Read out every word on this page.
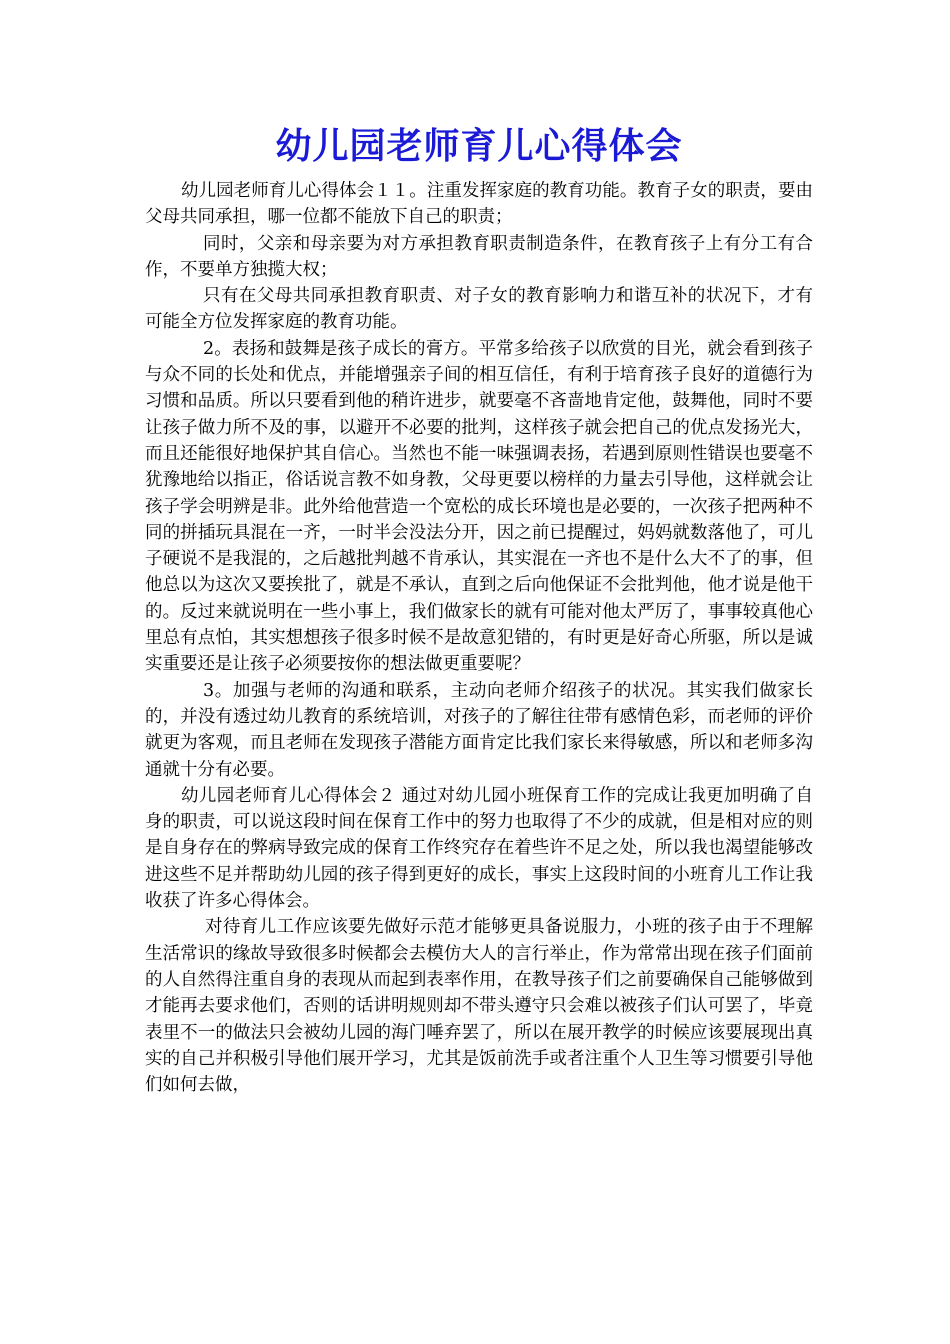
幼儿园老师育儿心得体会

幼儿园老师育儿心得体会１１。注重发挥家庭的教育功能。教育子女的职责，要由父母共同承担，哪一位都不能放下自己的职责；

同时，父亲和母亲要为对方承担教育职责制造条件，在教育孩子上有分工有合作，不要单方独揽大权；

只有在父母共同承担教育职责、对子女的教育影响力和谐互补的状况下，才有可能全方位发挥家庭的教育功能。

2。表扬和鼓舞是孩子成长的膏方。平常多给孩子以欣赏的目光，就会看到孩子与众不同的长处和优点，并能增强亲子间的相互信任，有利于培育孩子良好的道德行为习惯和品质。所以只要看到他的稍许进步，就要毫不吝啬地肯定他，鼓舞他，同时不要让孩子做力所不及的事，以避开不必要的批判，这样孩子就会把自己的优点发扬光大，而且还能很好地保护其自信心。当然也不能一味强调表扬，若遇到原则性错误也要毫不犹豫地给以指正，俗话说言教不如身教，父母更要以榜样的力量去引导他，这样就会让孩子学会明辨是非。此外给他营造一个宽松的成长环境也是必要的，一次孩子把两种不同的拼插玩具混在一齐，一时半会没法分开，因之前已提醒过，妈妈就数落他了，可儿子硬说不是我混的，之后越批判越不肯承认，其实混在一齐也不是什么大不了的事，但他总以为这次又要挨批了，就是不承认，直到之后向他保证不会批判他，他才说是他干的。反过来就说明在一些小事上，我们做家长的就有可能对他太严厉了，事事较真他心里总有点怕，其实想想孩子很多时候不是故意犯错的，有时更是好奇心所驱，所以是诚实重要还是让孩子必须要按你的想法做更重要呢？

3。加强与老师的沟通和联系，主动向老师介绍孩子的状况。其实我们做家长的，并没有透过幼儿教育的系统培训，对孩子的了解往往带有感情色彩，而老师的评价就更为客观，而且老师在发现孩子潜能方面肯定比我们家长来得敏感，所以和老师多沟通就十分有必要。

幼儿园老师育儿心得体会２ 通过对幼儿园小班保育工作的完成让我更加明确了自身的职责，可以说这段时间在保育工作中的努力也取得了不少的成就，但是相对应的则是自身存在的弊病导致完成的保育工作终究存在着些许不足之处，所以我也渴望能够改进这些不足并帮助幼儿园的孩子得到更好的成长，事实上这段时间的小班育儿工作让我收获了许多心得体会。

对待育儿工作应该要先做好示范才能够更具备说服力，小班的孩子由于不理解生活常识的缘故导致很多时候都会去模仿大人的言行举止，作为常常出现在孩子们面前的人自然得注重自身的表现从而起到表率作用，在教导孩子们之前要确保自己能够做到才能再去要求他们，否则的话讲明规则却不带头遵守只会难以被孩子们认可罢了，毕竟表里不一的做法只会被幼儿园的海门唾弃罢了，所以在展开教学的时候应该要展现出真实的自己并积极引导他们展开学习，尤其是饭前洗手或者注重个人卫生等习惯要引导他们如何去做，
